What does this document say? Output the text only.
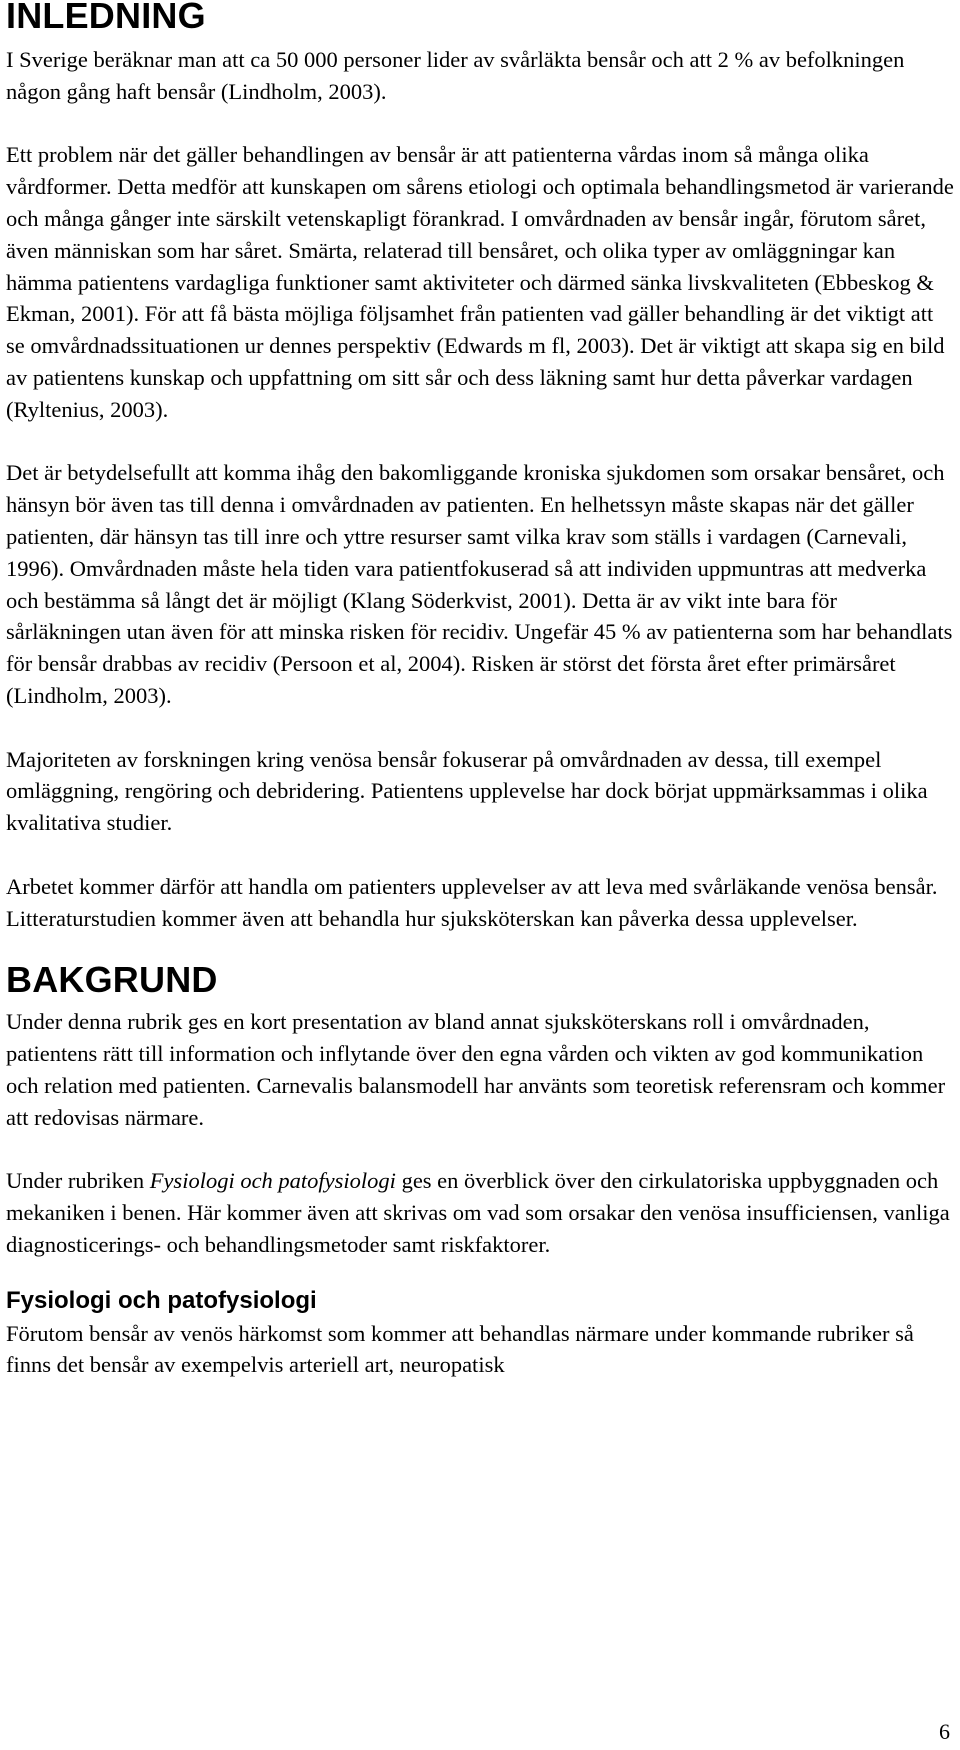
INLEDNING

I Sverige beräknar man att ca 50 000 personer lider av svårläkta bensår och att 2 % av befolkningen någon gång haft bensår (Lindholm, 2003).

Ett problem när det gäller behandlingen av bensår är att patienterna vårdas inom så många olika vårdformer. Detta medför att kunskapen om sårens etiologi och optimala behandlingsmetod är varierande och många gånger inte särskilt vetenskapligt förankrad. I omvårdnaden av bensår ingår, förutom såret, även människan som har såret. Smärta, relaterad till bensåret, och olika typer av omläggningar kan hämma patientens vardagliga funktioner samt aktiviteter och därmed sänka livskvaliteten (Ebbeskog & Ekman, 2001). För att få bästa möjliga följsamhet från patienten vad gäller behandling är det viktigt att se omvårdnadssituationen ur dennes perspektiv (Edwards m fl, 2003). Det är viktigt att skapa sig en bild av patientens kunskap och uppfattning om sitt sår och dess läkning samt hur detta påverkar vardagen (Ryltenius, 2003).

Det är betydelsefullt att komma ihåg den bakomliggande kroniska sjukdomen som orsakar bensåret, och hänsyn bör även tas till denna i omvårdnaden av patienten. En helhetssyn måste skapas när det gäller patienten, där hänsyn tas till inre och yttre resurser samt vilka krav som ställs i vardagen (Carnevali, 1996). Omvårdnaden måste hela tiden vara patientfokuserad så att individen uppmuntras att medverka och bestämma så långt det är möjligt (Klang Söderkvist, 2001). Detta är av vikt inte bara för sårläkningen utan även för att minska risken för recidiv. Ungefär 45 % av patienterna som har behandlats för bensår drabbas av recidiv (Persoon et al, 2004). Risken är störst det första året efter primärsåret (Lindholm, 2003).

Majoriteten av forskningen kring venösa bensår fokuserar på omvårdnaden av dessa, till exempel omläggning, rengöring och debridering. Patientens upplevelse har dock börjat uppmärksammas i olika kvalitativa studier.

Arbetet kommer därför att handla om patienters upplevelser av att leva med svårläkande venösa bensår. Litteraturstudien kommer även att behandla hur sjuksköterskan kan påverka dessa upplevelser.

BAKGRUND

Under denna rubrik ges en kort presentation av bland annat sjuksköterskans roll i omvårdnaden, patientens rätt till information och inflytande över den egna vården och vikten av god kommunikation och relation med patienten. Carnevalis balansmodell har använts som teoretisk referensram och kommer att redovisas närmare.

Under rubriken Fysiologi och patofysiologi ges en överblick över den cirkulatoriska uppbyggnaden och mekaniken i benen. Här kommer även att skrivas om vad som orsakar den venösa insufficiensen, vanliga diagnosticerings- och behandlingsmetoder samt riskfaktorer.

Fysiologi och patofysiologi

Förutom bensår av venös härkomst som kommer att behandlas närmare under kommande rubriker så finns det bensår av exempelvis arteriell art, neuropatisk

6
